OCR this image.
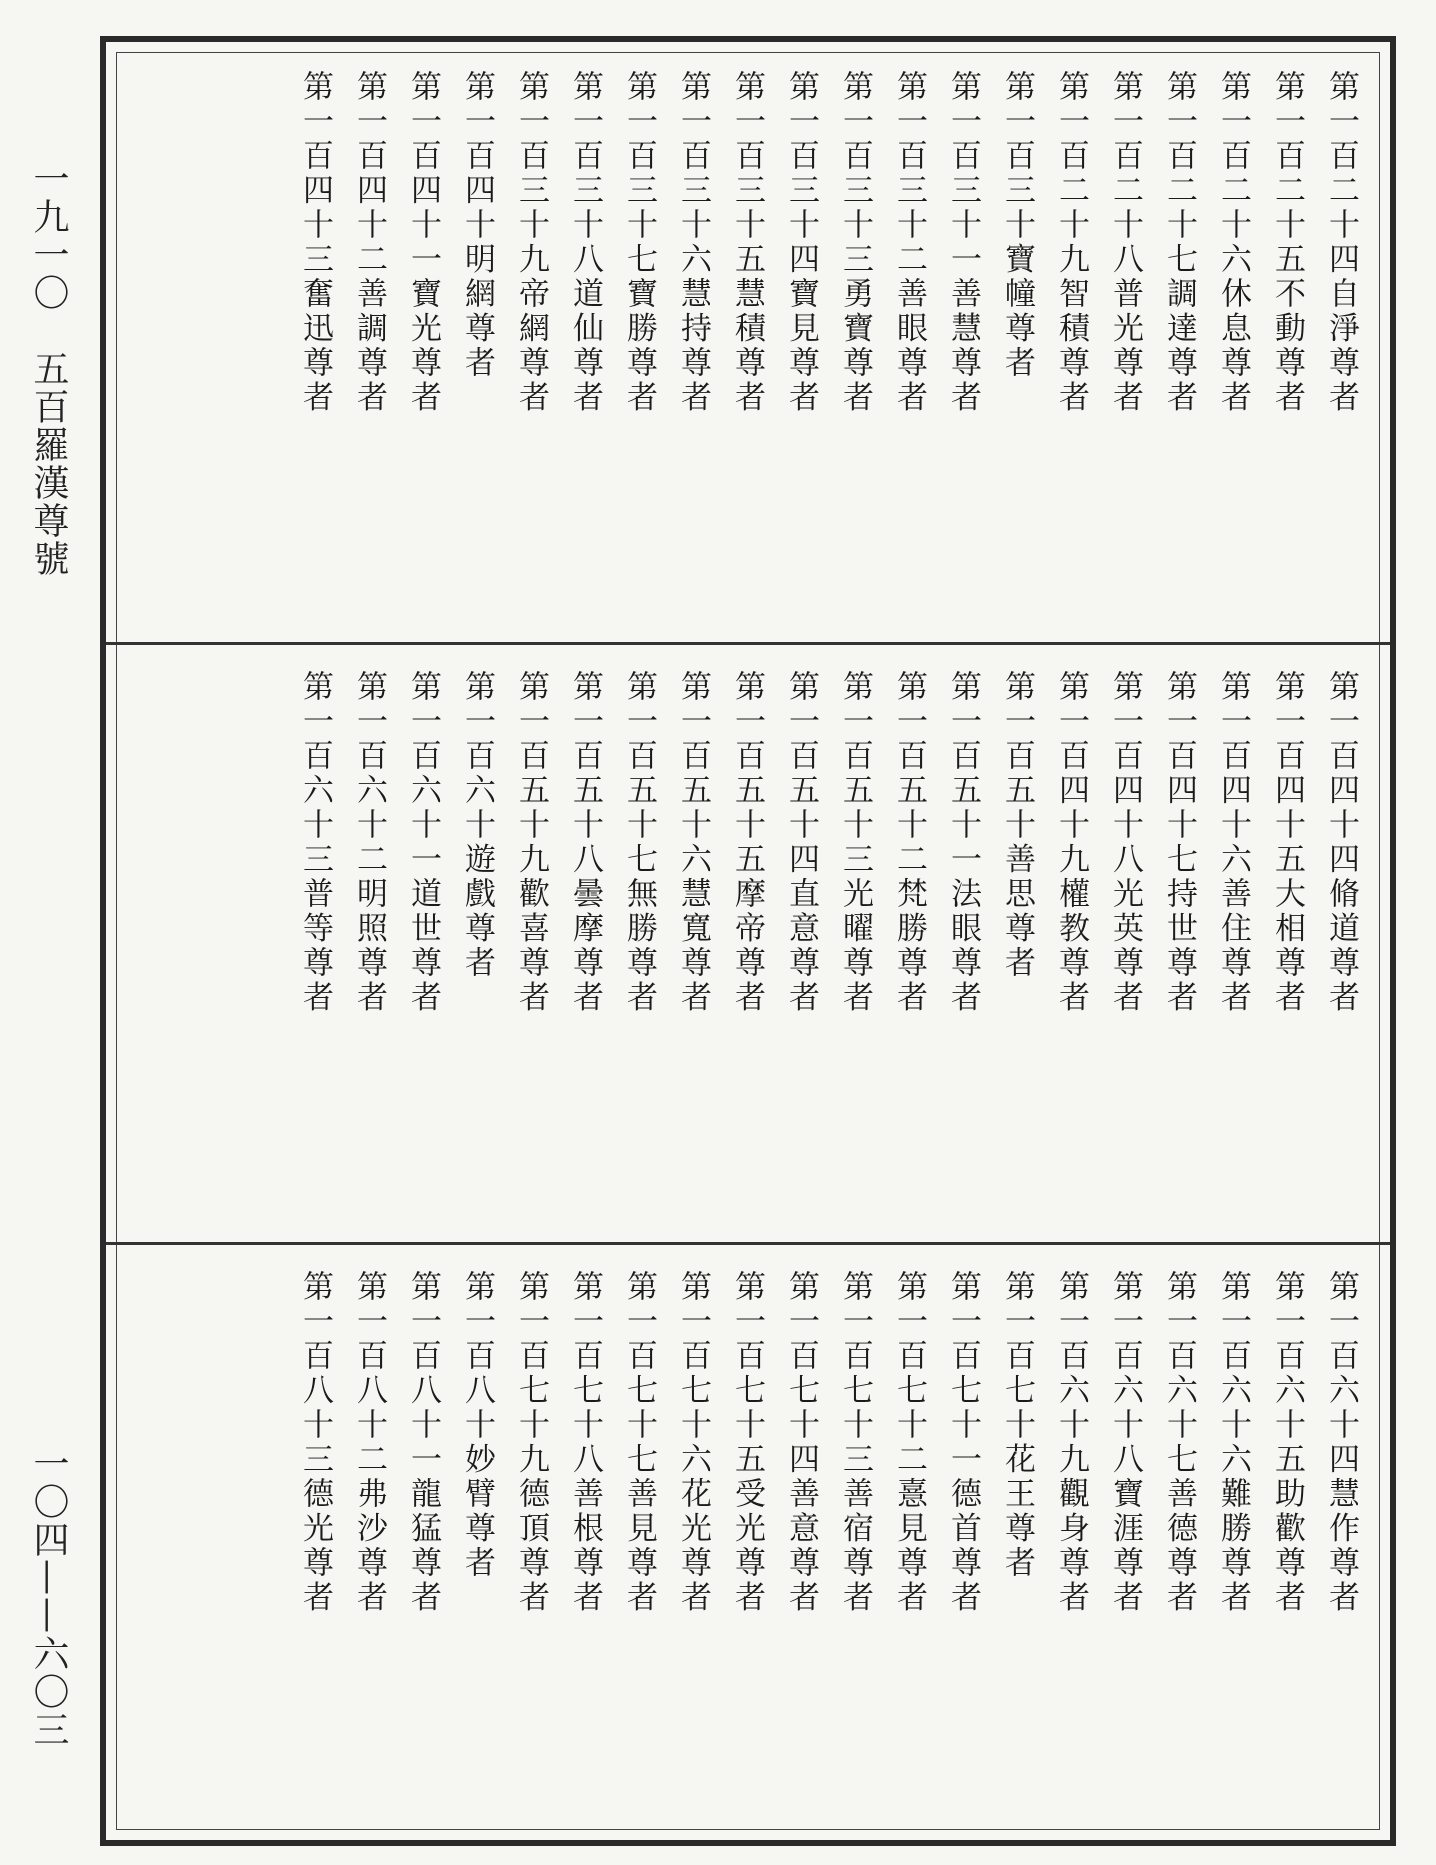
一九一〇　五百羅漢尊號
一〇四——六〇三
第一百二十四自淨尊者
第一百二十五不動尊者
第一百二十六休息尊者
第一百二十七調達尊者
第一百二十八普光尊者
第一百二十九智積尊者
第一百三十寶幢尊者
第一百三十一善慧尊者
第一百三十二善眼尊者
第一百三十三勇寶尊者
第一百三十四寶見尊者
第一百三十五慧積尊者
第一百三十六慧持尊者
第一百三十七寶勝尊者
第一百三十八道仙尊者
第一百三十九帝網尊者
第一百四十明網尊者
第一百四十一寶光尊者
第一百四十二善調尊者
第一百四十三奮迅尊者
第一百四十四脩道尊者
第一百四十五大相尊者
第一百四十六善住尊者
第一百四十七持世尊者
第一百四十八光英尊者
第一百四十九權教尊者
第一百五十善思尊者
第一百五十一法眼尊者
第一百五十二梵勝尊者
第一百五十三光曜尊者
第一百五十四直意尊者
第一百五十五摩帝尊者
第一百五十六慧寬尊者
第一百五十七無勝尊者
第一百五十八曇摩尊者
第一百五十九歡喜尊者
第一百六十遊戲尊者
第一百六十一道世尊者
第一百六十二明照尊者
第一百六十三普等尊者
第一百六十四慧作尊者
第一百六十五助歡尊者
第一百六十六難勝尊者
第一百六十七善德尊者
第一百六十八寶涯尊者
第一百六十九觀身尊者
第一百七十花王尊者
第一百七十一德首尊者
第一百七十二憙見尊者
第一百七十三善宿尊者
第一百七十四善意尊者
第一百七十五受光尊者
第一百七十六花光尊者
第一百七十七善見尊者
第一百七十八善根尊者
第一百七十九德頂尊者
第一百八十妙臂尊者
第一百八十一龍猛尊者
第一百八十二弗沙尊者
第一百八十三德光尊者
